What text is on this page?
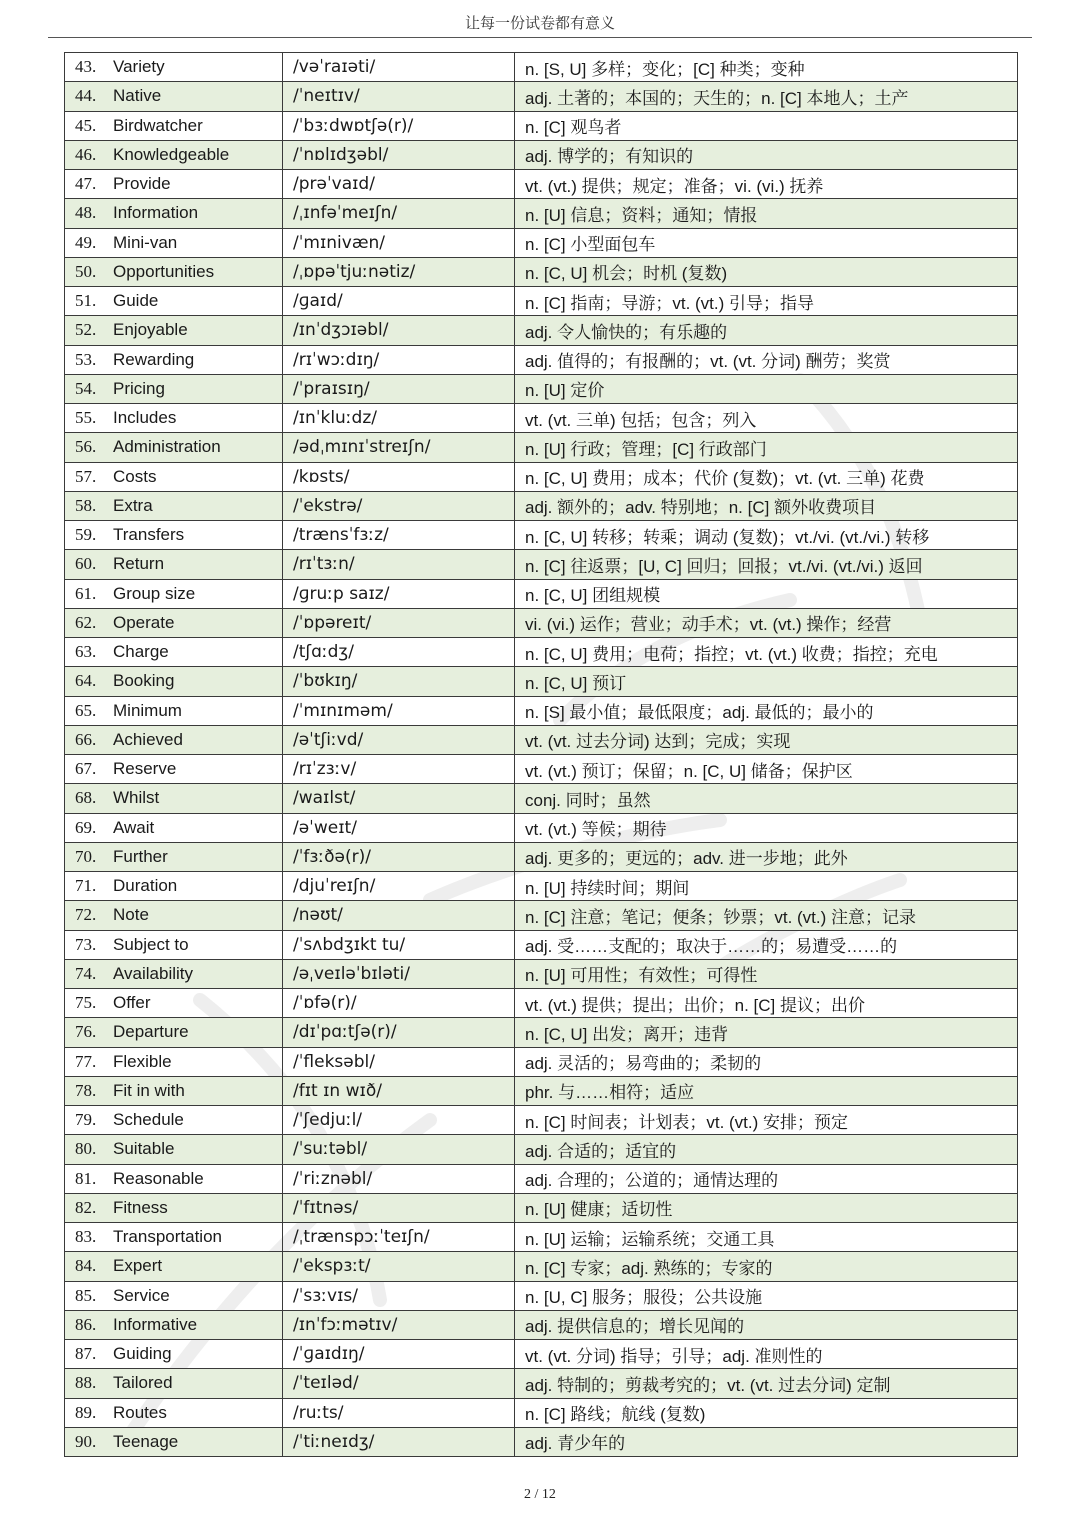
让每一份试卷都有意义
43. Variety	/vəˈraɪəti/	n. [S, U] 多样；变化；[C] 种类；变种
44. Native	/ˈneɪtɪv/	adj. 土著的；本国的；天生的；n. [C] 本地人；土产
45. Birdwatcher	/ˈbɜːdwɒtʃə(r)/	n. [C] 观鸟者
46. Knowledgeable	/ˈnɒlɪdʒəbl/	adj. 博学的；有知识的
47. Provide	/prəˈvaɪd/	vt. (vt.) 提供；规定；准备；vi. (vi.) 抚养
48. Information	/ˌɪnfəˈmeɪʃn/	n. [U] 信息；资料；通知；情报
49. Mini-van	/ˈmɪnivæn/	n. [C] 小型面包车
50. Opportunities	/ˌɒpəˈtjuːnətiz/	n. [C, U] 机会；时机 (复数)
51. Guide	/ɡaɪd/	n. [C] 指南；导游；vt. (vt.) 引导；指导
52. Enjoyable	/ɪnˈdʒɔɪəbl/	adj. 令人愉快的；有乐趣的
53. Rewarding	/rɪˈwɔːdɪŋ/	adj. 值得的；有报酬的；vt. (vt. 分词) 酬劳；奖赏
54. Pricing	/ˈpraɪsɪŋ/	n. [U] 定价
55. Includes	/ɪnˈkluːdz/	vt. (vt. 三单) 包括；包含；列入
56. Administration	/ədˌmɪnɪˈstreɪʃn/	n. [U] 行政；管理；[C] 行政部门
57. Costs	/kɒsts/	n. [C, U] 费用；成本；代价 (复数)；vt. (vt. 三单) 花费
58. Extra	/ˈekstrə/	adj. 额外的；adv. 特别地；n. [C] 额外收费项目
59. Transfers	/trænsˈfɜːz/	n. [C, U] 转移；转乘；调动 (复数)；vt./vi. (vt./vi.) 转移
60. Return	/rɪˈtɜːn/	n. [C] 往返票；[U, C] 回归；回报；vt./vi. (vt./vi.) 返回
61. Group size	/ɡruːp saɪz/	n. [C, U] 团组规模
62. Operate	/ˈɒpəreɪt/	vi. (vi.) 运作；营业；动手术；vt. (vt.) 操作；经营
63. Charge	/tʃɑːdʒ/	n. [C, U] 费用；电荷；指控；vt. (vt.) 收费；指控；充电
64. Booking	/ˈbʊkɪŋ/	n. [C, U] 预订
65. Minimum	/ˈmɪnɪməm/	n. [S] 最小值；最低限度；adj. 最低的；最小的
66. Achieved	/əˈtʃiːvd/	vt. (vt. 过去分词) 达到；完成；实现
67. Reserve	/rɪˈzɜːv/	vt. (vt.) 预订；保留；n. [C, U] 储备；保护区
68. Whilst	/waɪlst/	conj. 同时；虽然
69. Await	/əˈweɪt/	vt. (vt.) 等候；期待
70. Further	/ˈfɜːðə(r)/	adj. 更多的；更远的；adv. 进一步地；此外
71. Duration	/djuˈreɪʃn/	n. [U] 持续时间；期间
72. Note	/nəʊt/	n. [C] 注意；笔记；便条；钞票；vt. (vt.) 注意；记录
73. Subject to	/ˈsʌbdʒɪkt tu/	adj. 受……支配的；取决于……的；易遭受……的
74. Availability	/əˌveɪləˈbɪləti/	n. [U] 可用性；有效性；可得性
75. Offer	/ˈɒfə(r)/	vt. (vt.) 提供；提出；出价；n. [C] 提议；出价
76. Departure	/dɪˈpɑːtʃə(r)/	n. [C, U] 出发；离开；违背
77. Flexible	/ˈfleksəbl/	adj. 灵活的；易弯曲的；柔韧的
78. Fit in with	/fɪt ɪn wɪð/	phr. 与……相符；适应
79. Schedule	/ˈʃedjuːl/	n. [C] 时间表；计划表；vt. (vt.) 安排；预定
80. Suitable	/ˈsuːtəbl/	adj. 合适的；适宜的
81. Reasonable	/ˈriːznəbl/	adj. 合理的；公道的；通情达理的
82. Fitness	/ˈfɪtnəs/	n. [U] 健康；适切性
83. Transportation	/ˌtrænspɔːˈteɪʃn/	n. [U] 运输；运输系统；交通工具
84. Expert	/ˈekspɜːt/	n. [C] 专家；adj. 熟练的；专家的
85. Service	/ˈsɜːvɪs/	n. [U, C] 服务；服役；公共设施
86. Informative	/ɪnˈfɔːmətɪv/	adj. 提供信息的；增长见闻的
87. Guiding	/ˈɡaɪdɪŋ/	vt. (vt. 分词) 指导；引导；adj. 准则性的
88. Tailored	/ˈteɪləd/	adj. 特制的；剪裁考究的；vt. (vt. 过去分词) 定制
89. Routes	/ruːts/	n. [C] 路线；航线 (复数)
90. Teenage	/ˈtiːneɪdʒ/	adj. 青少年的
2 / 12
